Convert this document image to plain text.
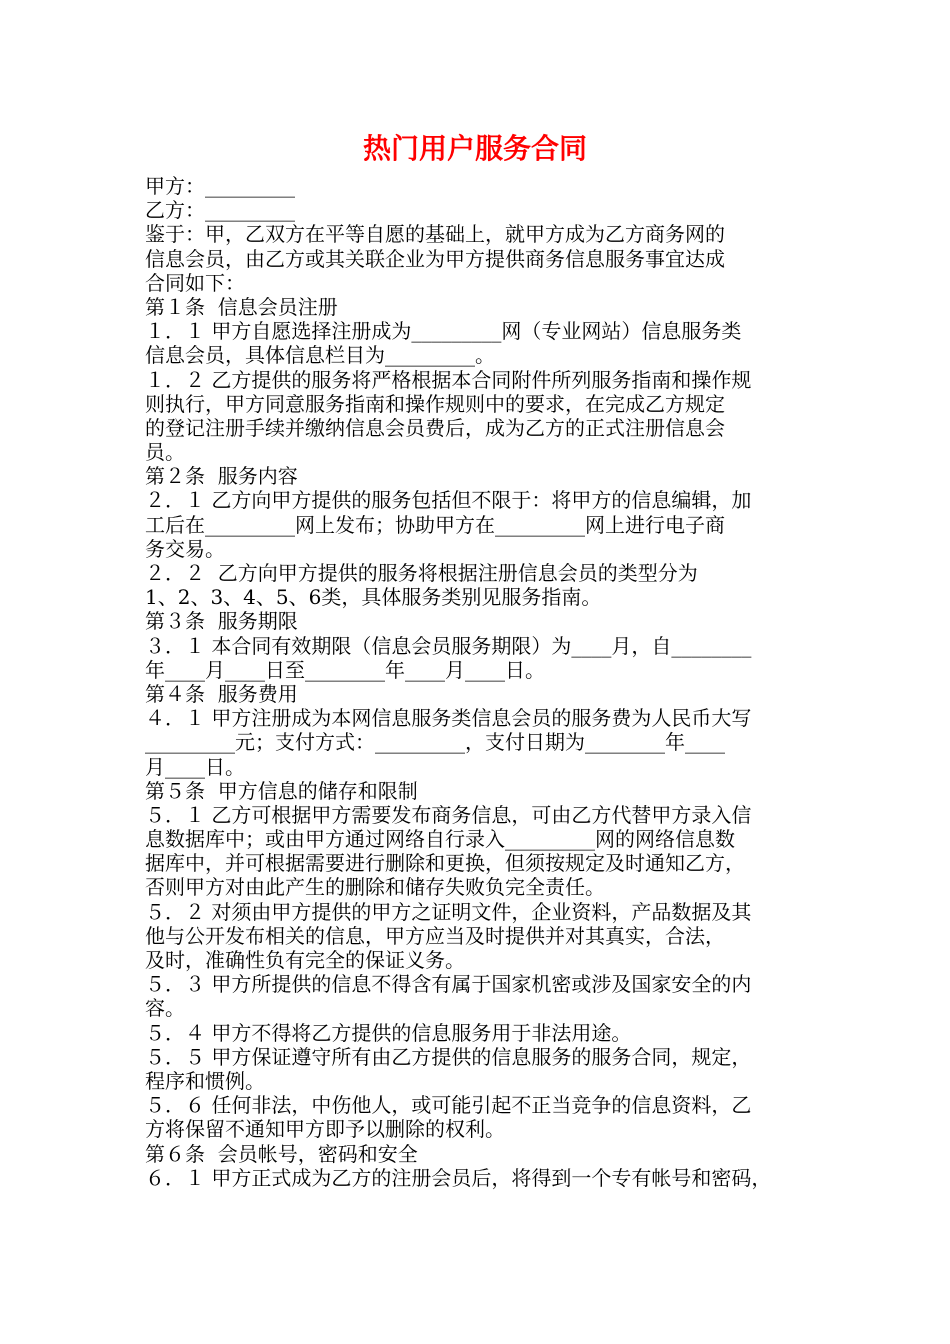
热门用户服务合同
甲方：_________
乙方：_________
鉴于：甲，乙双方在平等自愿的基础上，就甲方成为乙方商务网的
信息会员，由乙方或其关联企业为甲方提供商务信息服务事宜达成
合同如下：
第１条  信息会员注册
１．１ 甲方自愿选择注册成为_________网（专业网站）信息服务类
信息会员，具体信息栏目为_________。
１．２ 乙方提供的服务将严格根据本合同附件所列服务指南和操作规
则执行，甲方同意服务指南和操作规则中的要求，在完成乙方规定
的登记注册手续并缴纳信息会员费后，成为乙方的正式注册信息会
员。
第２条  服务内容
２．１ 乙方向甲方提供的服务包括但不限于：将甲方的信息编辑，加
工后在_________网上发布；协助甲方在_________网上进行电子商
务交易。
２．２  乙方向甲方提供的服务将根据注册信息会员的类型分为
1、2、3、4、5、6类，具体服务类别见服务指南。
第３条  服务期限
３．１ 本合同有效期限（信息会员服务期限）为____月，自________
年____月____日至________年____月____日。
第４条  服务费用
４．１ 甲方注册成为本网信息服务类信息会员的服务费为人民币大写
_________元；支付方式：_________，支付日期为________年____
月____日。
第５条  甲方信息的储存和限制
５．１ 乙方可根据甲方需要发布商务信息，可由乙方代替甲方录入信
息数据库中；或由甲方通过网络自行录入_________网的网络信息数
据库中，并可根据需要进行删除和更换，但须按规定及时通知乙方，
否则甲方对由此产生的删除和储存失败负完全责任。
５．２ 对须由甲方提供的甲方之证明文件，企业资料，产品数据及其
他与公开发布相关的信息，甲方应当及时提供并对其真实，合法，
及时，准确性负有完全的保证义务。
５．３ 甲方所提供的信息不得含有属于国家机密或涉及国家安全的内
容。
５．４ 甲方不得将乙方提供的信息服务用于非法用途。
５．５ 甲方保证遵守所有由乙方提供的信息服务的服务合同，规定，
程序和惯例。
５．６ 任何非法，中伤他人，或可能引起不正当竞争的信息资料，乙
方将保留不通知甲方即予以删除的权利。
第６条  会员帐号，密码和安全
６．１ 甲方正式成为乙方的注册会员后，将得到一个专有帐号和密码，
